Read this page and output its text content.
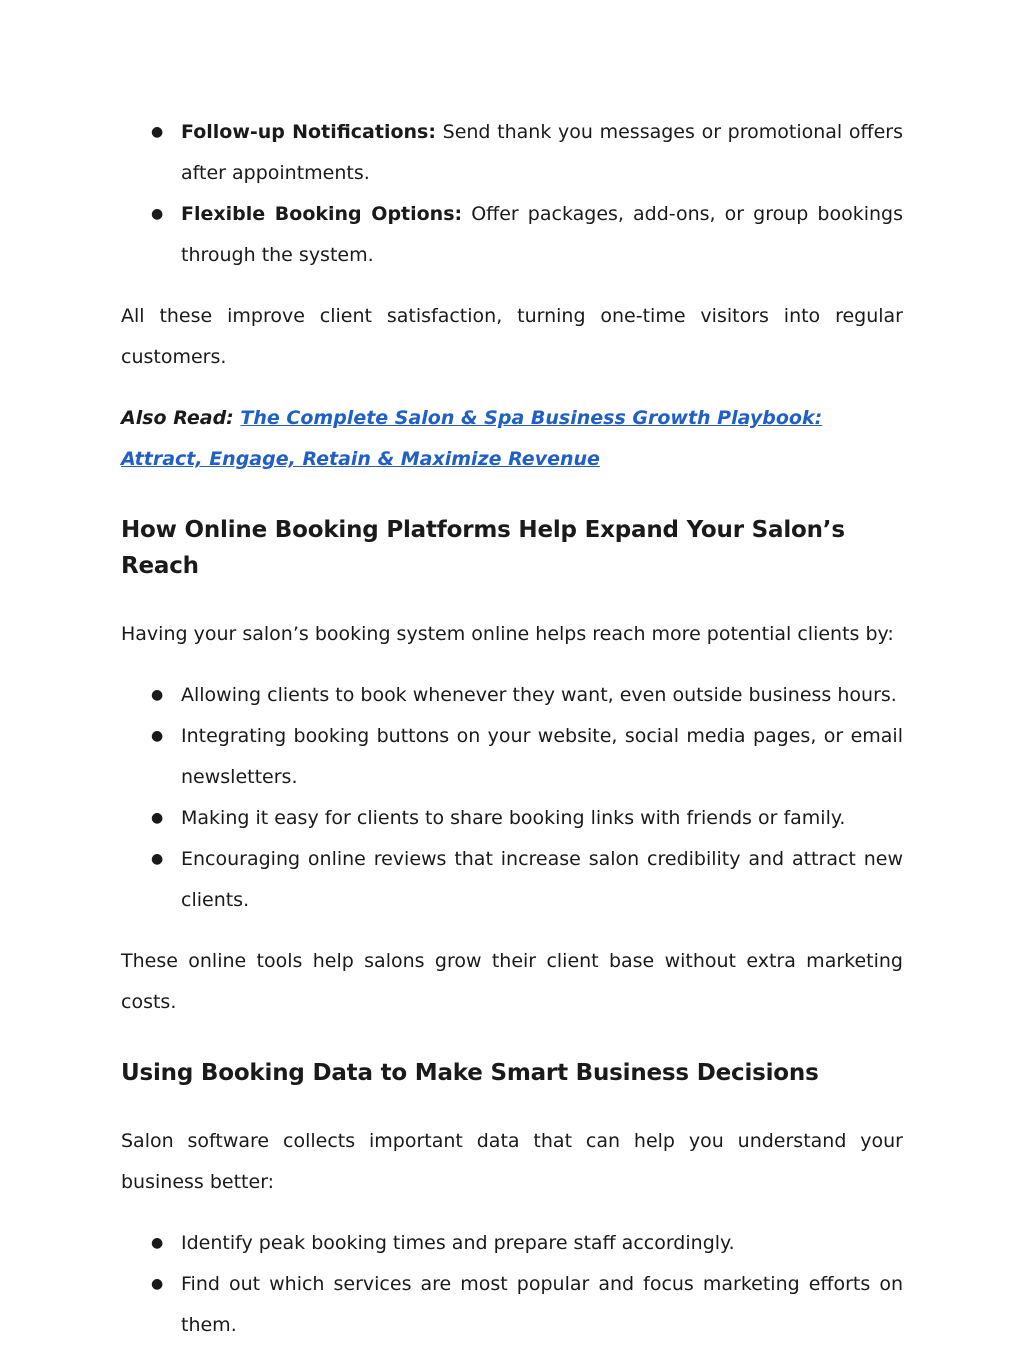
● Follow-up Notifications: Send thank you messages or promotional offers after appointments.
● Flexible Booking Options: Offer packages, add-ons, or group bookings through the system.

All these improve client satisfaction, turning one-time visitors into regular customers.

Also Read: The Complete Salon & Spa Business Growth Playbook: Attract, Engage, Retain & Maximize Revenue

How Online Booking Platforms Help Expand Your Salon’s Reach

Having your salon’s booking system online helps reach more potential clients by:

● Allowing clients to book whenever they want, even outside business hours.
● Integrating booking buttons on your website, social media pages, or email newsletters.
● Making it easy for clients to share booking links with friends or family.
● Encouraging online reviews that increase salon credibility and attract new clients.

These online tools help salons grow their client base without extra marketing costs.

Using Booking Data to Make Smart Business Decisions

Salon software collects important data that can help you understand your business better:

● Identify peak booking times and prepare staff accordingly.
● Find out which services are most popular and focus marketing efforts on them.
